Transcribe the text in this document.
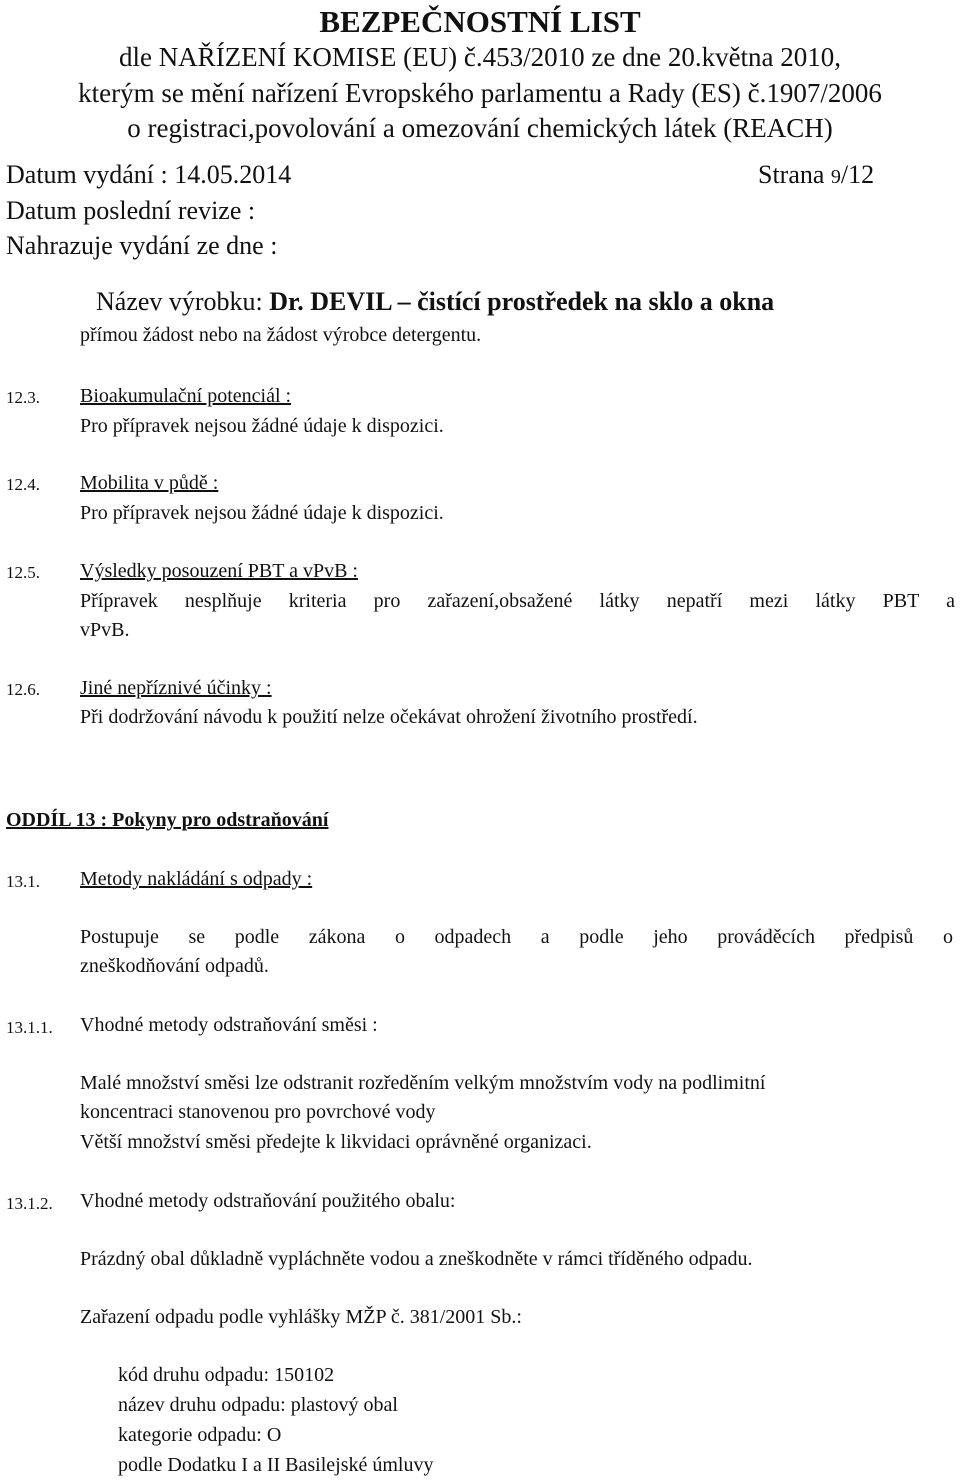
BEZPEČNOSTNÍ LIST
dle NAŘÍZENÍ KOMISE (EU) č.453/2010 ze dne 20.května 2010,
kterým se mění nařízení Evropského parlamentu a Rady (ES) č.1907/2006
o registraci,povolování a omezování chemických látek (REACH)
Datum vydání : 14.05.2014	Strana 9/12
Datum poslední revize :
Nahrazuje vydání ze dne :
Název výrobku: Dr. DEVIL – čistící prostředek na sklo a okna
přímou žádost nebo na žádost výrobce detergentu.
12.3. Bioakumulační potenciál :
Pro přípravek nejsou žádné údaje k dispozici.
12.4. Mobilita v půdě :
Pro přípravek nejsou žádné údaje k dispozici.
12.5. Výsledky posouzení PBT a vPvB :
Přípravek nesplňuje kriteria pro zařazení,obsažené látky nepatří mezi látky PBT a
vPvB.
12.6. Jiné nepříznivé účinky :
Při dodržování návodu k použití nelze očekávat ohrožení životního prostředí.
ODDÍL 13 : Pokyny pro odstraňování
13.1. Metody nakládání s odpady :
Postupuje se podle zákona o odpadech a podle jeho prováděcích předpisů o
zneškodňování odpadů.
13.1.1. Vhodné metody odstraňování směsi :
Malé množství směsi lze odstranit rozředěním velkým množstvím vody na podlimitní
koncentraci stanovenou pro povrchové vody
Větší množství směsi předejte k likvidaci oprávněné organizaci.
13.1.2. Vhodné metody odstraňování použitého obalu:
Prázdný obal důkladně vypláchněte vodou a zneškodněte v rámci tříděného odpadu.
Zařazení odpadu podle vyhlášky MŽP č. 381/2001 Sb.:
kód druhu odpadu: 150102
název druhu odpadu: plastový obal
kategorie odpadu: O
podle Dodatku I a II Basilejské úmluvy
